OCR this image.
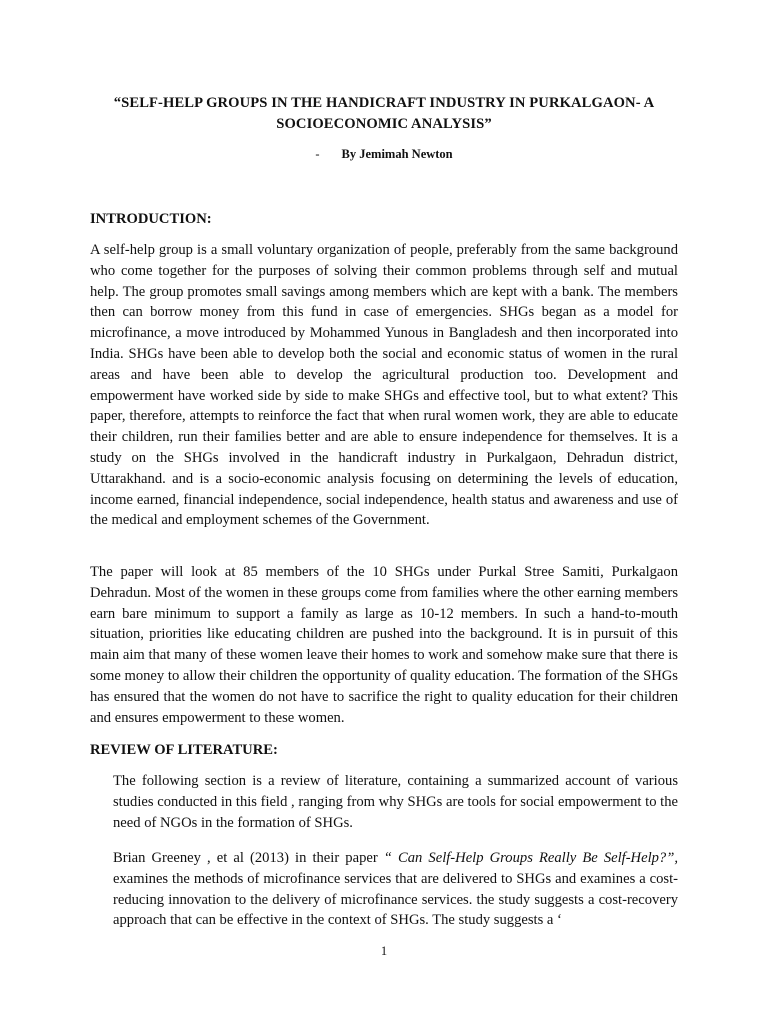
“SELF-HELP GROUPS IN THE HANDICRAFT INDUSTRY IN PURKALGAON- A SOCIOECONOMIC ANALYSIS”
- By Jemimah Newton
INTRODUCTION:

A self-help group is a small voluntary organization of people, preferably from the same background who come together for the purposes of solving their common problems through self and mutual help. The group promotes small savings among members which are kept with a bank. The members then can borrow money from this fund in case of emergencies. SHGs began as a model for microfinance, a move introduced by Mohammed Yunous in Bangladesh and then incorporated into India. SHGs have been able to develop both the social and economic status of women in the rural areas and have been able to develop the agricultural production too. Development and empowerment have worked side by side to make SHGs and effective tool, but to what extent? This paper, therefore, attempts to reinforce the fact that when rural women work, they are able to educate their children, run their families better and are able to ensure independence for themselves. It is a study on the SHGs involved in the handicraft industry in Purkalgaon, Dehradun district, Uttarakhand. and is a socio-economic analysis focusing on determining the levels of education, income earned, financial independence, social independence, health status and awareness and use of the medical and employment schemes of the Government.

The paper will look at 85 members of the 10 SHGs under Purkal Stree Samiti, Purkalgaon Dehradun. Most of the women in these groups come from families where the other earning members earn bare minimum to support a family as large as 10-12 members. In such a hand-to-mouth situation, priorities like educating children are pushed into the background. It is in pursuit of this main aim that many of these women leave their homes to work and somehow make sure that there is some money to allow their children the opportunity of quality education. The formation of the SHGs has ensured that the women do not have to sacrifice the right to quality education for their children and ensures empowerment to these women.

REVIEW OF LITERATURE:

The following section is a review of literature, containing a summarized account of various studies conducted in this field , ranging from why SHGs are tools for social empowerment to the need of NGOs in the formation of SHGs.

Brian Greeney , et al (2013) in their paper “ Can Self-Help Groups Really Be Self-Help?”, examines the methods of microfinance services that are delivered to SHGs and examines a cost-reducing innovation to the delivery of microfinance services. the study suggests a cost-recovery approach that can be effective in the context of SHGs. The study suggests a ‘

1
